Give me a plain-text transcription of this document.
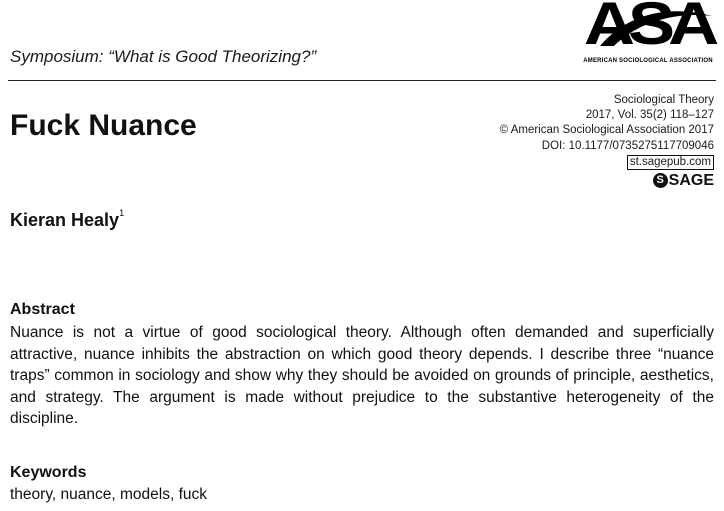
Symposium: “What is Good Theorizing?”	ASA
AMERICAN SOCIOLOGICAL ASSOCIATION
Fuck Nuance
Sociological Theory
2017, Vol. 35(2) 118–127
© American Sociological Association 2017
DOI: 10.1177/0735275117709046
st.sagepub.com
S SAGE
Kieran Healy$^1$
Abstract
Nuance is not a virtue of good sociological theory. Although often demanded and superficially attractive, nuance inhibits the abstraction on which good theory depends. I describe three “nuance traps” common in sociology and show why they should be avoided on grounds of principle, aesthetics, and strategy. The argument is made without prejudice to the substantive heterogeneity of the discipline.
Keywords
theory, nuance, models, fuck
